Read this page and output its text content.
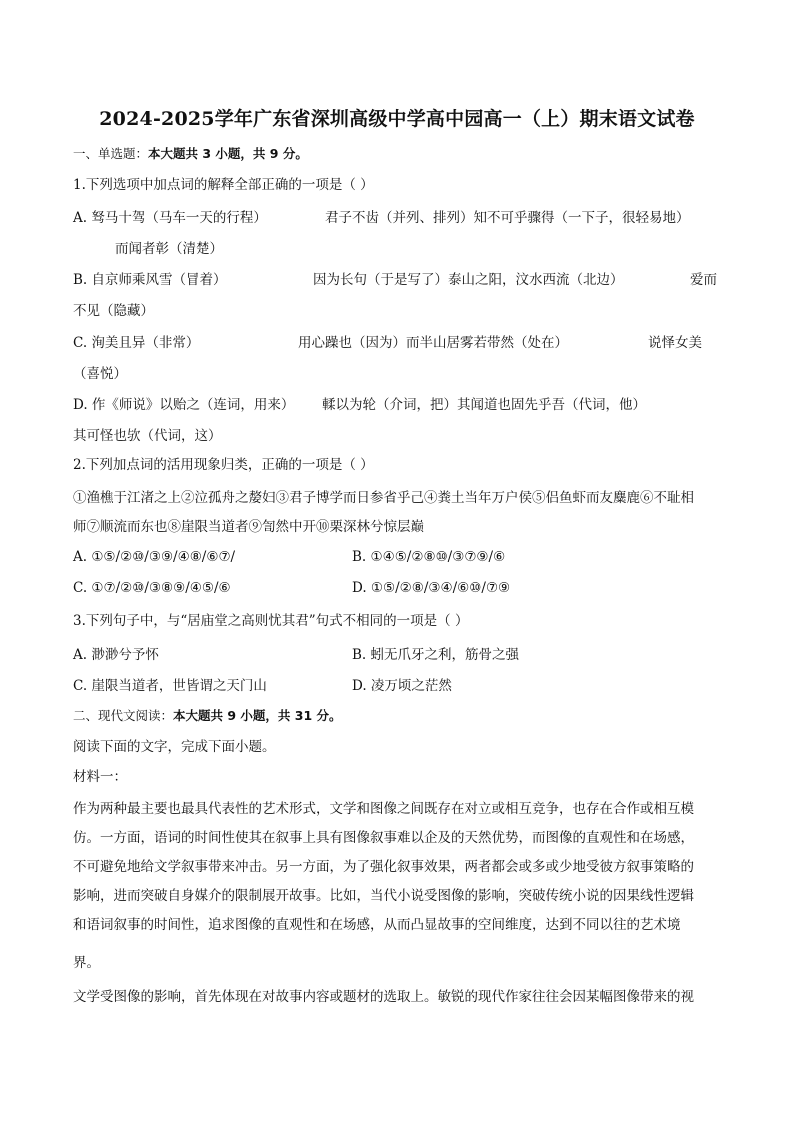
2024-2025学年广东省深圳高级中学高中园高一（上）期末语文试卷
一、单选题：本大题共 3 小题，共 9 分。
1.下列选项中加点词的解释全部正确的一项是（ ）
A. 驽马十驾（马车一天的行程）	君子不齿（并列、排列）知不可乎骤得（一下子，很轻易地）
而闻者彰（清楚）
B. 自京师乘风雪（冒着）	因为长句（于是写了）泰山之阳，汶水西流（北边）	爱而
不见（隐藏）
C. 洵美且异（非常）	用心躁也（因为）而半山居雾若带然（处在）	说怿女美
（喜悦）
D. 作《师说》以贻之（连词，用来） 輮以为轮（介词，把）其闻道也固先乎吾（代词，他）
其可怪也欤（代词，这）
2.下列加点词的活用现象归类，正确的一项是（ ）
①渔樵于江渚之上②泣孤舟之嫠妇③君子博学而日参省乎己④粪土当年万户侯⑤侣鱼虾而友麋鹿⑥不耻相
师⑦顺流而东也⑧崖限当道者⑨訇然中开⑩栗深林兮惊层巅
A. ①⑤/②⑩/③⑨/④⑧/⑥⑦/	B. ①④⑤/②⑧⑩/③⑦⑨/⑥
C. ①⑦/②⑩/③⑧⑨/④⑤/⑥	D. ①⑤/②⑧/③④/⑥⑩/⑦⑨
3.下列句子中，与“居庙堂之高则忧其君”句式不相同的一项是（ ）
A. 渺渺兮予怀	B. 蚓无爪牙之利，筋骨之强
C. 崖限当道者，世皆谓之天门山	D. 凌万顷之茫然
二、现代文阅读：本大题共 9 小题，共 31 分。
阅读下面的文字，完成下面小题。
材料一：
作为两种最主要也最具代表性的艺术形式，文学和图像之间既存在对立或相互竞争，也存在合作或相互模
仿。一方面，语词的时间性使其在叙事上具有图像叙事难以企及的天然优势，而图像的直观性和在场感，
不可避免地给文学叙事带来冲击。另一方面，为了强化叙事效果，两者都会或多或少地受彼方叙事策略的
影响，进而突破自身媒介的限制展开故事。比如，当代小说受图像的影响，突破传统小说的因果线性逻辑
和语词叙事的时间性，追求图像的直观性和在场感，从而凸显故事的空间维度，达到不同以往的艺术境
界。
文学受图像的影响，首先体现在对故事内容或题材的选取上。敏锐的现代作家往往会因某幅图像带来的视
